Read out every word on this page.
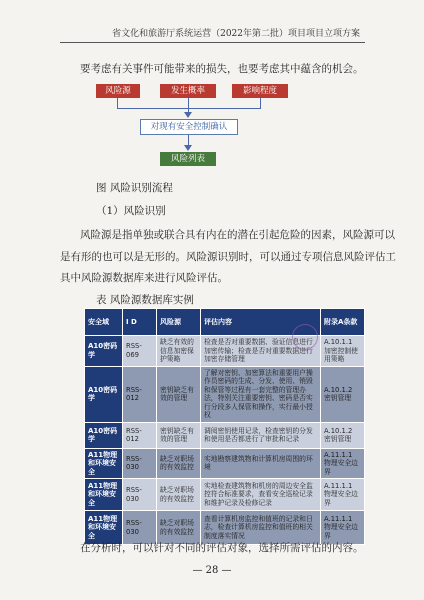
省文化和旅游厅系统运营（2022年第二批）项目项目立项方案
要考虑有关事件可能带来的损失，也要考虑其中蕴含的机会。
风险源	发生概率	影响程度
对现有安全控制确认
风险列表
图 风险识别流程
（1）风险识别
风险源是指单独或联合具有内在的潜在引起危险的因素，风险源可以
是有形的也可以是无形的。风险源识别时，可以通过专项信息风险评估工
具中风险源数据库来进行风险评估。
表 风险源数据库实例
安全域	I D	风险源	评估内容	附录A条款
A10密码学	RSS-069	缺乏有效的信息加密保护策略	检查是否对重要数据、验证信息进行加密传输；检查是否对重要数据进行加密存储管理	A.10.1.1 加密控制使用策略
A10密码学	RSS-012	密钥缺乏有效的管理	了解对密钥、加密算法和重要用户操作员密码的生成、分发、使用、销毁和保管等过程有一套完整的管理办法，特别关注重要密钥、密码是否实行分段多人保管和操作，实行最小授权	A.10.1.2 密钥管理
A10密码学	RSS-012	密钥缺乏有效的管理	调阅密钥使用记录，检查密钥的分发和使用是否都进行了审批和记录	A.10.1.2 密钥管理
A11物理和环境安全	RSS-030	缺乏对职场的有效监控	实地勘察建筑物和计算机房周围的环境	A.11.1.1 物理安全边界
A11物理和环境安全	RSS-030	缺乏对职场的有效监控	实地检查建筑物和机房的周边安全监控符合标准要求，查看安全巡检记录和维护记录及检修记录	A.11.1.1 物理安全边界
A11物理和环境安全	RSS-030	缺乏对职场的有效监控	查看计算机房监控和值班的记录和日志，检查计算机房监控和值班的相关制度落实情况	A.11.1.1 物理安全边界
在分析时，可以针对不同的评估对象，选择所需评估的内容。
— 28 —
